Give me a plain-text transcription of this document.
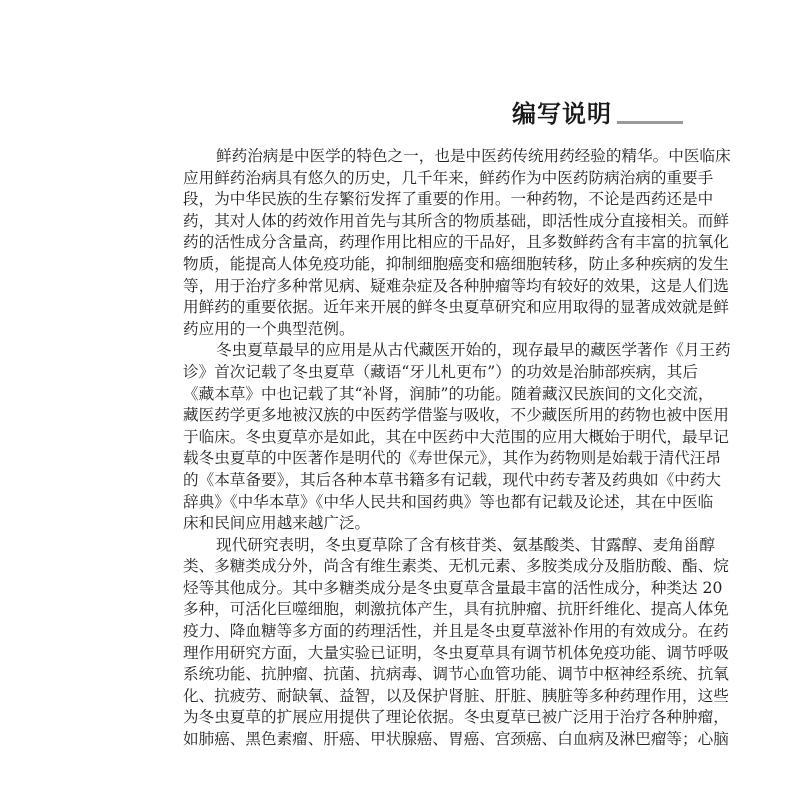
编写说明
鲜药治病是中医学的特色之一，也是中医药传统用药经验的精华。中医临床
应用鲜药治病具有悠久的历史，几千年来，鲜药作为中医药防病治病的重要手
段，为中华民族的生存繁衍发挥了重要的作用。一种药物，不论是西药还是中
药，其对人体的药效作用首先与其所含的物质基础，即活性成分直接相关。而鲜
药的活性成分含量高，药理作用比相应的干品好，且多数鲜药含有丰富的抗氧化
物质，能提高人体免疫功能，抑制细胞癌变和癌细胞转移，防止多种疾病的发生
等，用于治疗多种常见病、疑难杂症及各种肿瘤等均有较好的效果，这是人们选
用鲜药的重要依据。近年来开展的鲜冬虫夏草研究和应用取得的显著成效就是鲜
药应用的一个典型范例。
冬虫夏草最早的应用是从古代藏医开始的，现存最早的藏医学著作《月王药
诊》首次记载了冬虫夏草（藏语“牙儿札更布”）的功效是治肺部疾病，其后
《藏本草》中也记载了其“补肾，润肺”的功能。随着藏汉民族间的文化交流，
藏医药学更多地被汉族的中医药学借鉴与吸收，不少藏医所用的药物也被中医用
于临床。冬虫夏草亦是如此，其在中医药中大范围的应用大概始于明代，最早记
载冬虫夏草的中医著作是明代的《寿世保元》，其作为药物则是始载于清代汪昂
的《本草备要》，其后各种本草书籍多有记载，现代中药专著及药典如《中药大
辞典》《中华本草》《中华人民共和国药典》等也都有记载及论述，其在中医临
床和民间应用越来越广泛。
现代研究表明，冬虫夏草除了含有核苷类、氨基酸类、甘露醇、麦角甾醇
类、多糖类成分外，尚含有维生素类、无机元素、多胺类成分及脂肪酸、酯、烷
烃等其他成分。其中多糖类成分是冬虫夏草含量最丰富的活性成分，种类达 20
多种，可活化巨噬细胞，刺激抗体产生，具有抗肿瘤、抗肝纤维化、提高人体免
疫力、降血糖等多方面的药理活性，并且是冬虫夏草滋补作用的有效成分。在药
理作用研究方面，大量实验已证明，冬虫夏草具有调节机体免疫功能、调节呼吸
系统功能、抗肿瘤、抗菌、抗病毒、调节心血管功能、调节中枢神经系统、抗氧
化、抗疲劳、耐缺氧、益智，以及保护肾脏、肝脏、胰脏等多种药理作用，这些
为冬虫夏草的扩展应用提供了理论依据。冬虫夏草已被广泛用于治疗各种肿瘤，
如肺癌、黑色素瘤、肝癌、甲状腺癌、胃癌、宫颈癌、白血病及淋巴瘤等；心脑
